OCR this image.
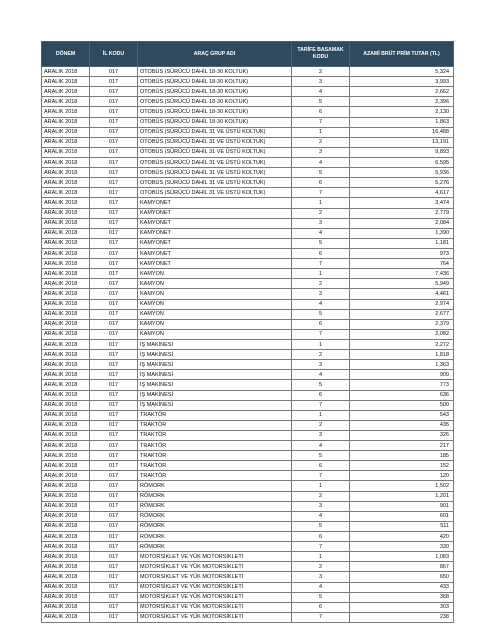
DÖNEM	İL KODU	ARAÇ GRUP ADI	TARİFE BASAMAK KODU	AZAMİ BRÜT PRİM TUTAR (TL)
ARALIK 2018	017	OTOBÜS (SÜRÜCÜ DAHİL 18-30 KOLTUK)	2	5,324
ARALIK 2018	017	OTOBÜS (SÜRÜCÜ DAHİL 18-30 KOLTUK)	3	3,993
ARALIK 2018	017	OTOBÜS (SÜRÜCÜ DAHİL 18-30 KOLTUK)	4	2,662
ARALIK 2018	017	OTOBÜS (SÜRÜCÜ DAHİL 18-30 KOLTUK)	5	2,396
ARALIK 2018	017	OTOBÜS (SÜRÜCÜ DAHİL 18-30 KOLTUK)	6	2,130
ARALIK 2018	017	OTOBÜS (SÜRÜCÜ DAHİL 18-30 KOLTUK)	7	1,863
ARALIK 2018	017	OTOBÜS (SÜRÜCÜ DAHİL 31 VE ÜSTÜ KOLTUK)	1	16,488
ARALIK 2018	017	OTOBÜS (SÜRÜCÜ DAHİL 31 VE ÜSTÜ KOLTUK)	2	13,191
ARALIK 2018	017	OTOBÜS (SÜRÜCÜ DAHİL 31 VE ÜSTÜ KOLTUK)	3	9,893
ARALIK 2018	017	OTOBÜS (SÜRÜCÜ DAHİL 31 VE ÜSTÜ KOLTUK)	4	6,595
ARALIK 2018	017	OTOBÜS (SÜRÜCÜ DAHİL 31 VE ÜSTÜ KOLTUK)	5	5,936
ARALIK 2018	017	OTOBÜS (SÜRÜCÜ DAHİL 31 VE ÜSTÜ KOLTUK)	6	5,276
ARALIK 2018	017	OTOBÜS (SÜRÜCÜ DAHİL 31 VE ÜSTÜ KOLTUK)	7	4,617
ARALIK 2018	017	KAMYONET	1	3,474
ARALIK 2018	017	KAMYONET	2	2,779
ARALIK 2018	017	KAMYONET	3	2,084
ARALIK 2018	017	KAMYONET	4	1,390
ARALIK 2018	017	KAMYONET	5	1,181
ARALIK 2018	017	KAMYONET	6	973
ARALIK 2018	017	KAMYONET	7	764
ARALIK 2018	017	KAMYON	1	7,436
ARALIK 2018	017	KAMYON	2	5,949
ARALIK 2018	017	KAMYON	3	4,461
ARALIK 2018	017	KAMYON	4	2,974
ARALIK 2018	017	KAMYON	5	2,677
ARALIK 2018	017	KAMYON	6	2,379
ARALIK 2018	017	KAMYON	7	2,082
ARALIK 2018	017	İŞ MAKİNESİ	1	2,272
ARALIK 2018	017	İŞ MAKİNESİ	2	1,818
ARALIK 2018	017	İŞ MAKİNESİ	3	1,363
ARALIK 2018	017	İŞ MAKİNESİ	4	909
ARALIK 2018	017	İŞ MAKİNESİ	5	773
ARALIK 2018	017	İŞ MAKİNESİ	6	636
ARALIK 2018	017	İŞ MAKİNESİ	7	500
ARALIK 2018	017	TRAKTÖR	1	543
ARALIK 2018	017	TRAKTÖR	2	435
ARALIK 2018	017	TRAKTÖR	3	326
ARALIK 2018	017	TRAKTÖR	4	217
ARALIK 2018	017	TRAKTÖR	5	185
ARALIK 2018	017	TRAKTÖR	6	152
ARALIK 2018	017	TRAKTÖR	7	120
ARALIK 2018	017	RÖMORK	1	1,502
ARALIK 2018	017	RÖMORK	2	1,201
ARALIK 2018	017	RÖMORK	3	901
ARALIK 2018	017	RÖMORK	4	601
ARALIK 2018	017	RÖMORK	5	511
ARALIK 2018	017	RÖMORK	6	420
ARALIK 2018	017	RÖMORK	7	330
ARALIK 2018	017	MOTORSİKLET VE YÜK MOTORSİKLETİ	1	1,083
ARALIK 2018	017	MOTORSİKLET VE YÜK MOTORSİKLETİ	2	867
ARALIK 2018	017	MOTORSİKLET VE YÜK MOTORSİKLETİ	3	650
ARALIK 2018	017	MOTORSİKLET VE YÜK MOTORSİKLETİ	4	433
ARALIK 2018	017	MOTORSİKLET VE YÜK MOTORSİKLETİ	5	368
ARALIK 2018	017	MOTORSİKLET VE YÜK MOTORSİKLETİ	6	303
ARALIK 2018	017	MOTORSİKLET VE YÜK MOTORSİKLETİ	7	238
